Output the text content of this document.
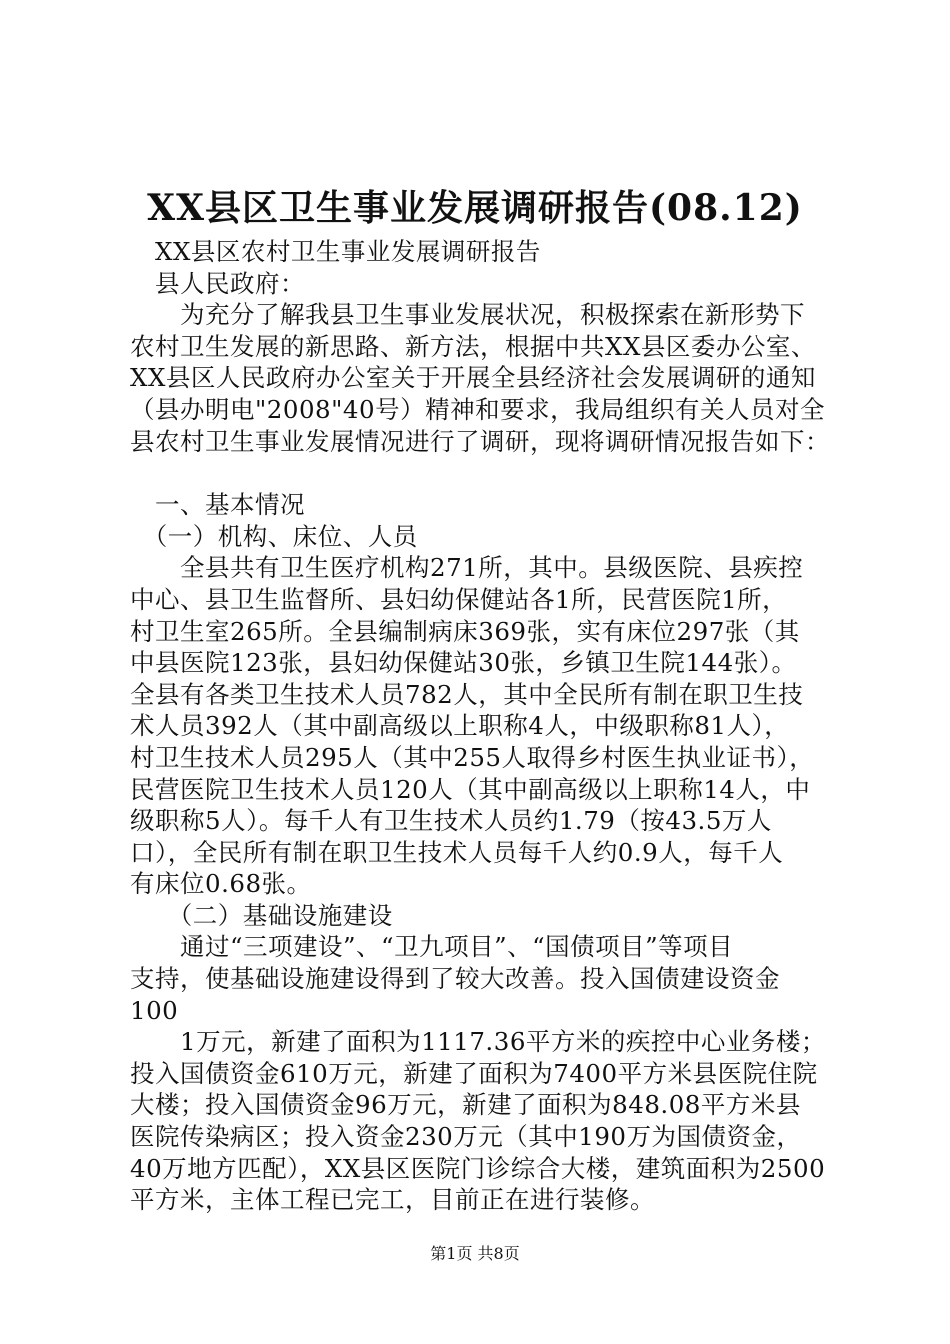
XX县区卫生事业发展调研报告(08.12)
　XX县区农村卫生事业发展调研报告
　县人民政府：
　　为充分了解我县卫生事业发展状况，积极探索在新形势下
农村卫生发展的新思路、新方法，根据中共XX县区委办公室、
XX县区人民政府办公室关于开展全县经济社会发展调研的通知
（县办明电"2008"40号）精神和要求，我局组织有关人员对全
县农村卫生事业发展情况进行了调研，现将调研情况报告如下：
　一、基本情况
　（一）机构、床位、人员
　　全县共有卫生医疗机构271所，其中。县级医院、县疾控
中心、县卫生监督所、县妇幼保健站各1所，民营医院1所，
村卫生室265所。全县编制病床369张，实有床位297张（其
中县医院123张，县妇幼保健站30张，乡镇卫生院144张）。
全县有各类卫生技术人员782人，其中全民所有制在职卫生技
术人员392人（其中副高级以上职称4人，中级职称81人），
村卫生技术人员295人（其中255人取得乡村医生执业证书），
民营医院卫生技术人员120人（其中副高级以上职称14人，中
级职称5人）。每千人有卫生技术人员约1.79（按43.5万人
口），全民所有制在职卫生技术人员每千人约0.9人，每千人
有床位0.68张。
　　（二）基础设施建设
　　通过“三项建设”、“卫九项目”、“国债项目”等项目
支持，使基础设施建设得到了较大改善。投入国债建设资金
100
　　1万元，新建了面积为1117.36平方米的疾控中心业务楼；
投入国债资金610万元，新建了面积为7400平方米县医院住院
大楼；投入国债资金96万元，新建了面积为848.08平方米县
医院传染病区；投入资金230万元（其中190万为国债资金，
40万地方匹配），XX县区医院门诊综合大楼，建筑面积为2500
平方米，主体工程已完工，目前正在进行装修。
第1页 共8页
